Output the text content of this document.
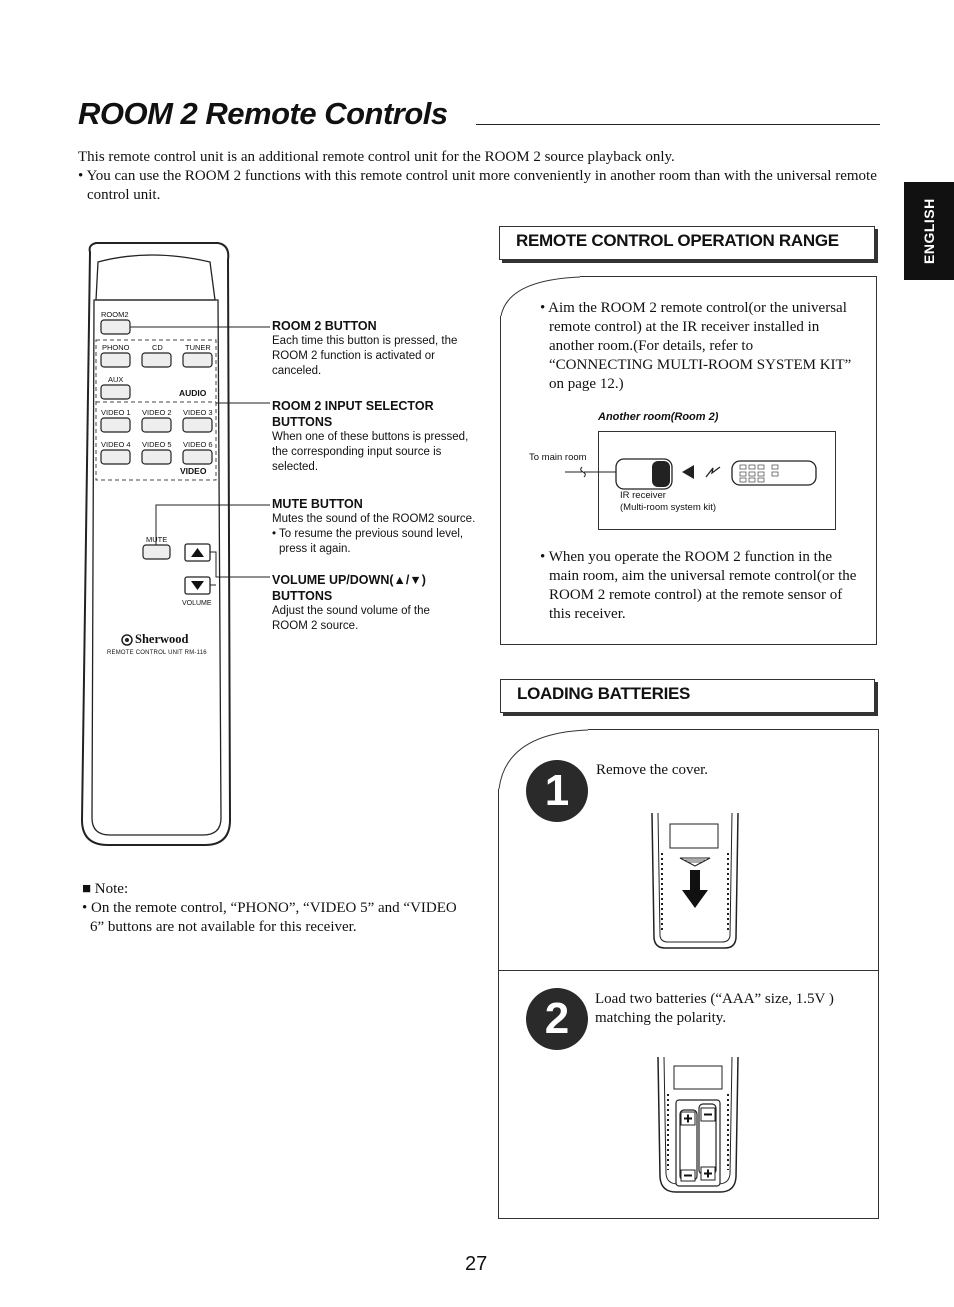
ROOM 2 Remote Controls

This remote control unit is an additional remote control unit for the ROOM 2 source playback only.

• You can use the ROOM 2 functions with this remote control unit more conveniently in another room than with the universal remote control unit.

ENGLISH
ROOM2
PHONO	CD	TUNER
AUX
AUDIO
VIDEO 1 VIDEO 2 VIDEO 3
VIDEO 4 VIDEO 5 VIDEO 6
VIDEO
MUTE
VOLUME
Sherwood
REMOTE CONTROL UNIT RM-116
ROOM 2 BUTTON
Each time this button is pressed, the ROOM 2 function is activated or canceled.
ROOM 2 INPUT SELECTOR BUTTONS
When one of these buttons is pressed, the corresponding input source is selected.
MUTE BUTTON
Mutes the sound of the ROOM2 source.
• To resume the previous sound level, press it again.
VOLUME UP/DOWN(▲/▼) BUTTONS
Adjust the sound volume of the ROOM 2 source.

■ Note:

• On the remote control, “PHONO”, “VIDEO 5” and “VIDEO 6” buttons are not available for this receiver.

REMOTE CONTROL OPERATION RANGE

• Aim the ROOM 2 remote control(or the universal remote control) at the IR receiver installed in another room.(For details, refer to “CONNECTING MULTI-ROOM SYSTEM KIT” on page 12.)

Another room(Room 2)
To main room
IR receiver
(Multi-room system kit)

• When you operate the ROOM 2 function in the main room, aim the universal remote control(or the ROOM 2 remote control) at the remote sensor of this receiver.

LOADING BATTERIES
1	Remove the cover.
2	Load two batteries (“AAA” size, 1.5V ) matching the polarity.
27
